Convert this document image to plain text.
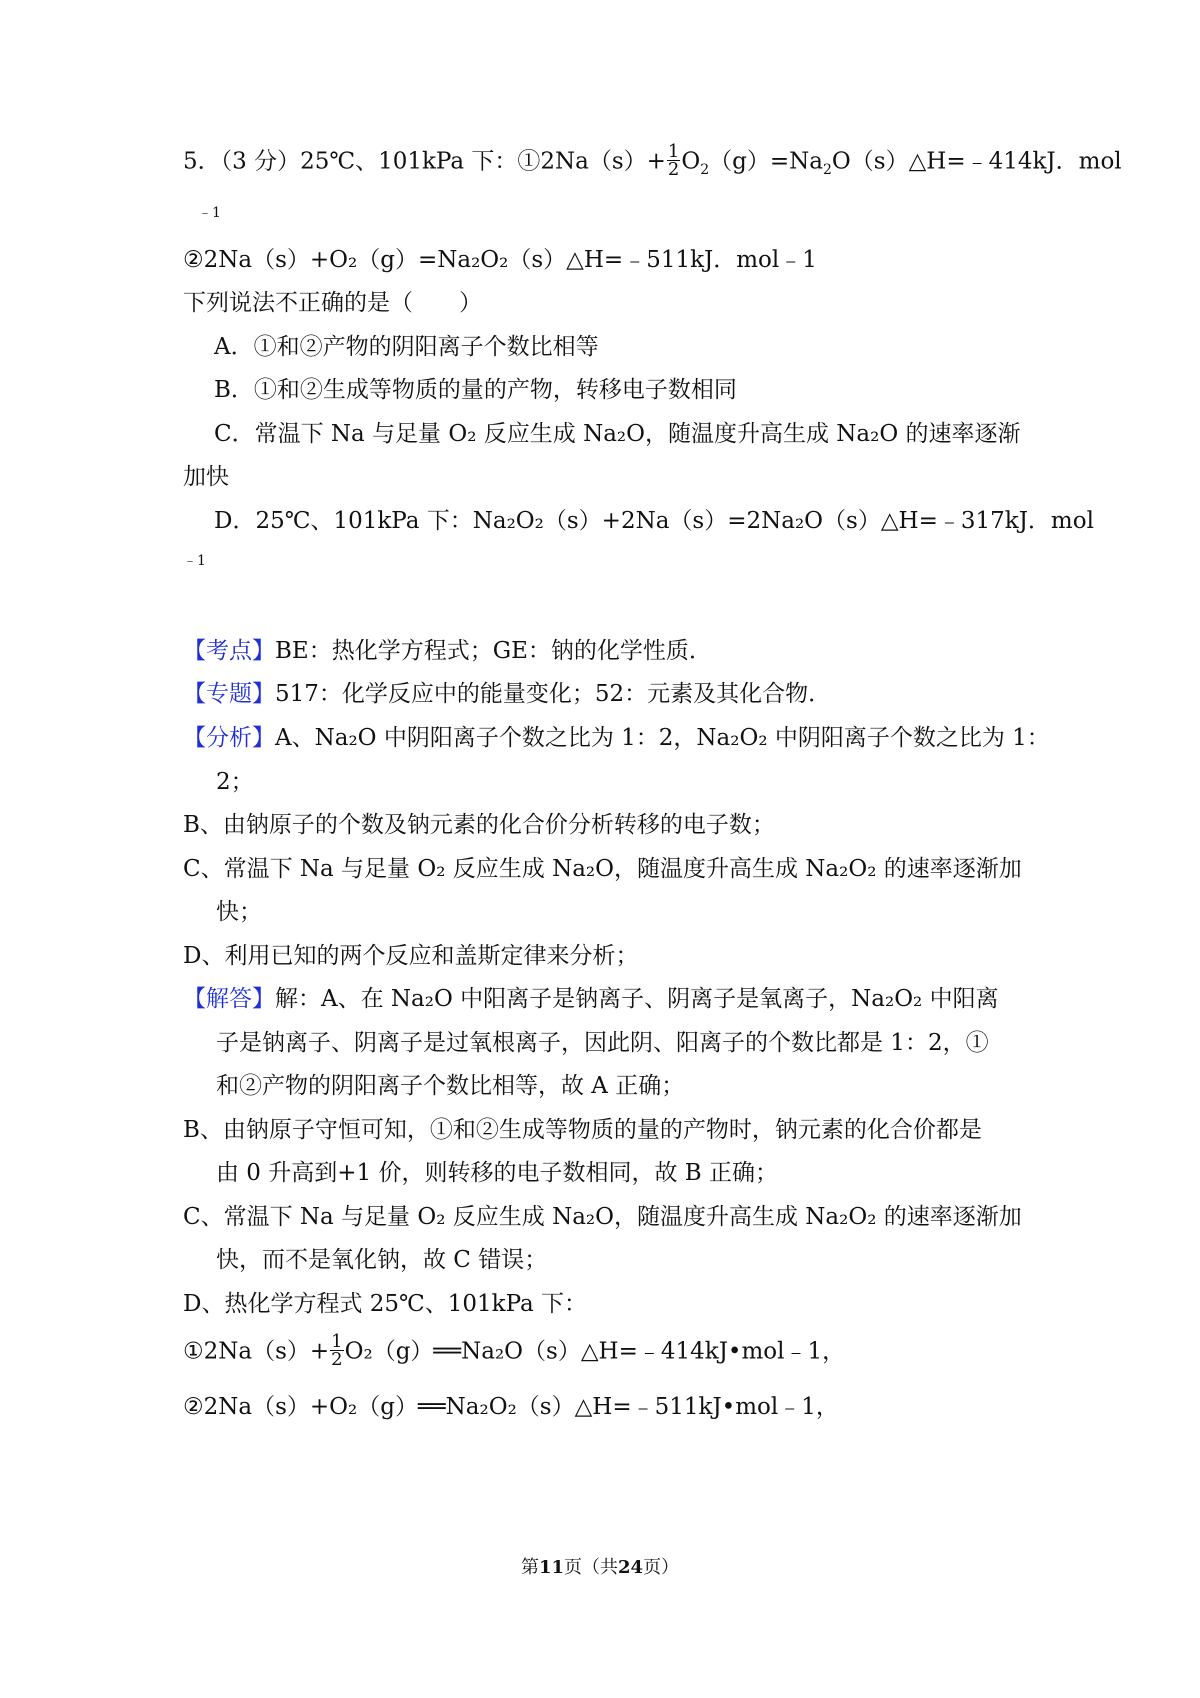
5．（3 分）25℃、101kPa 下：①2Na（s）+ $\frac{1}{2}$ $O_2(g)=Na_2O(s)\triangle H=﹣414kJ$．mol
﹣1
②2Na（s）+O₂（g）=Na₂O₂（s）△H=﹣511kJ．mol﹣1
下列说法不正确的是（　　）
A．①和②产物的阴阳离子个数比相等
B．①和②生成等物质的量的产物，转移电子数相同
C．常温下 Na 与足量 O₂ 反应生成 Na₂O，随温度升高生成 Na₂O 的速率逐渐
加快
D．25℃、101kPa 下：Na₂O₂（s）+2Na（s）=2Na₂O（s）△H=﹣317kJ．mol
﹣1
【考点】BE：热化学方程式；GE：钠的化学性质．
【专题】517：化学反应中的能量变化；52：元素及其化合物．
【分析】A、Na₂O 中阴阳离子个数之比为 1：2，Na₂O₂ 中阴阳离子个数之比为 1：
2；
B、由钠原子的个数及钠元素的化合价分析转移的电子数；
C、常温下 Na 与足量 O₂ 反应生成 Na₂O，随温度升高生成 Na₂O₂ 的速率逐渐加
快；
D、利用已知的两个反应和盖斯定律来分析；
【解答】解：A、在 Na₂O 中阳离子是钠离子、阴离子是氧离子，Na₂O₂ 中阳离
子是钠离子、阴离子是过氧根离子，因此阴、阳离子的个数比都是 1：2，①
和②产物的阴阳离子个数比相等，故 A 正确；
B、由钠原子守恒可知，①和②生成等物质的量的产物时，钠元素的化合价都是
由 0 升高到+1 价，则转移的电子数相同，故 B 正确；
C、常温下 Na 与足量 O₂ 反应生成 Na₂O，随温度升高生成 Na₂O₂ 的速率逐渐加
快，而不是氧化钠，故 C 错误；
D、热化学方程式 25℃、101kPa 下：
①2Na（s）+ $\frac{1}{2}$ O₂（g）══Na₂O（s）△H=﹣414kJ•mol﹣1，
②2Na（s）+O₂（g）══Na₂O₂（s）△H=﹣511kJ•mol﹣1，
第11页（共24页）
